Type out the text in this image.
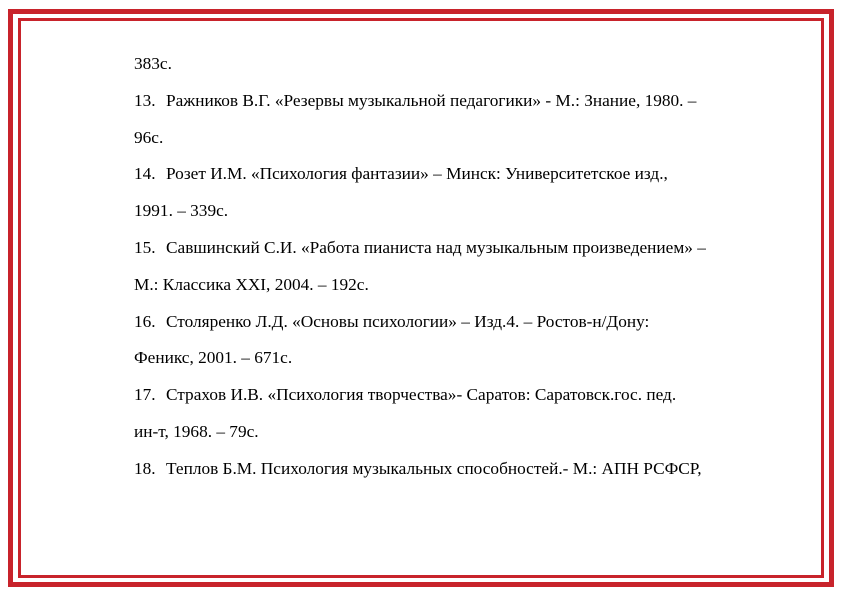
383с.
13. Ражников В.Г. «Резервы музыкальной педагогики» - М.: Знание, 1980. –
96с.
14. Розет И.М. «Психология фантазии» – Минск: Университетское изд.,
1991. – 339с.
15. Савшинский С.И. «Работа пианиста над музыкальным произведением» –
М.: Классика XXI, 2004. – 192с.
16. Столяренко Л.Д. «Основы психологии» – Изд.4. – Ростов-н/Дону:
Феникс, 2001. – 671с.
17. Страхов И.В. «Психология творчества»- Саратов: Саратовск.гос. пед.
ин-т, 1968. – 79с.
18. Теплов Б.М. Психология музыкальных способностей.- М.: АПН РСФСР,
